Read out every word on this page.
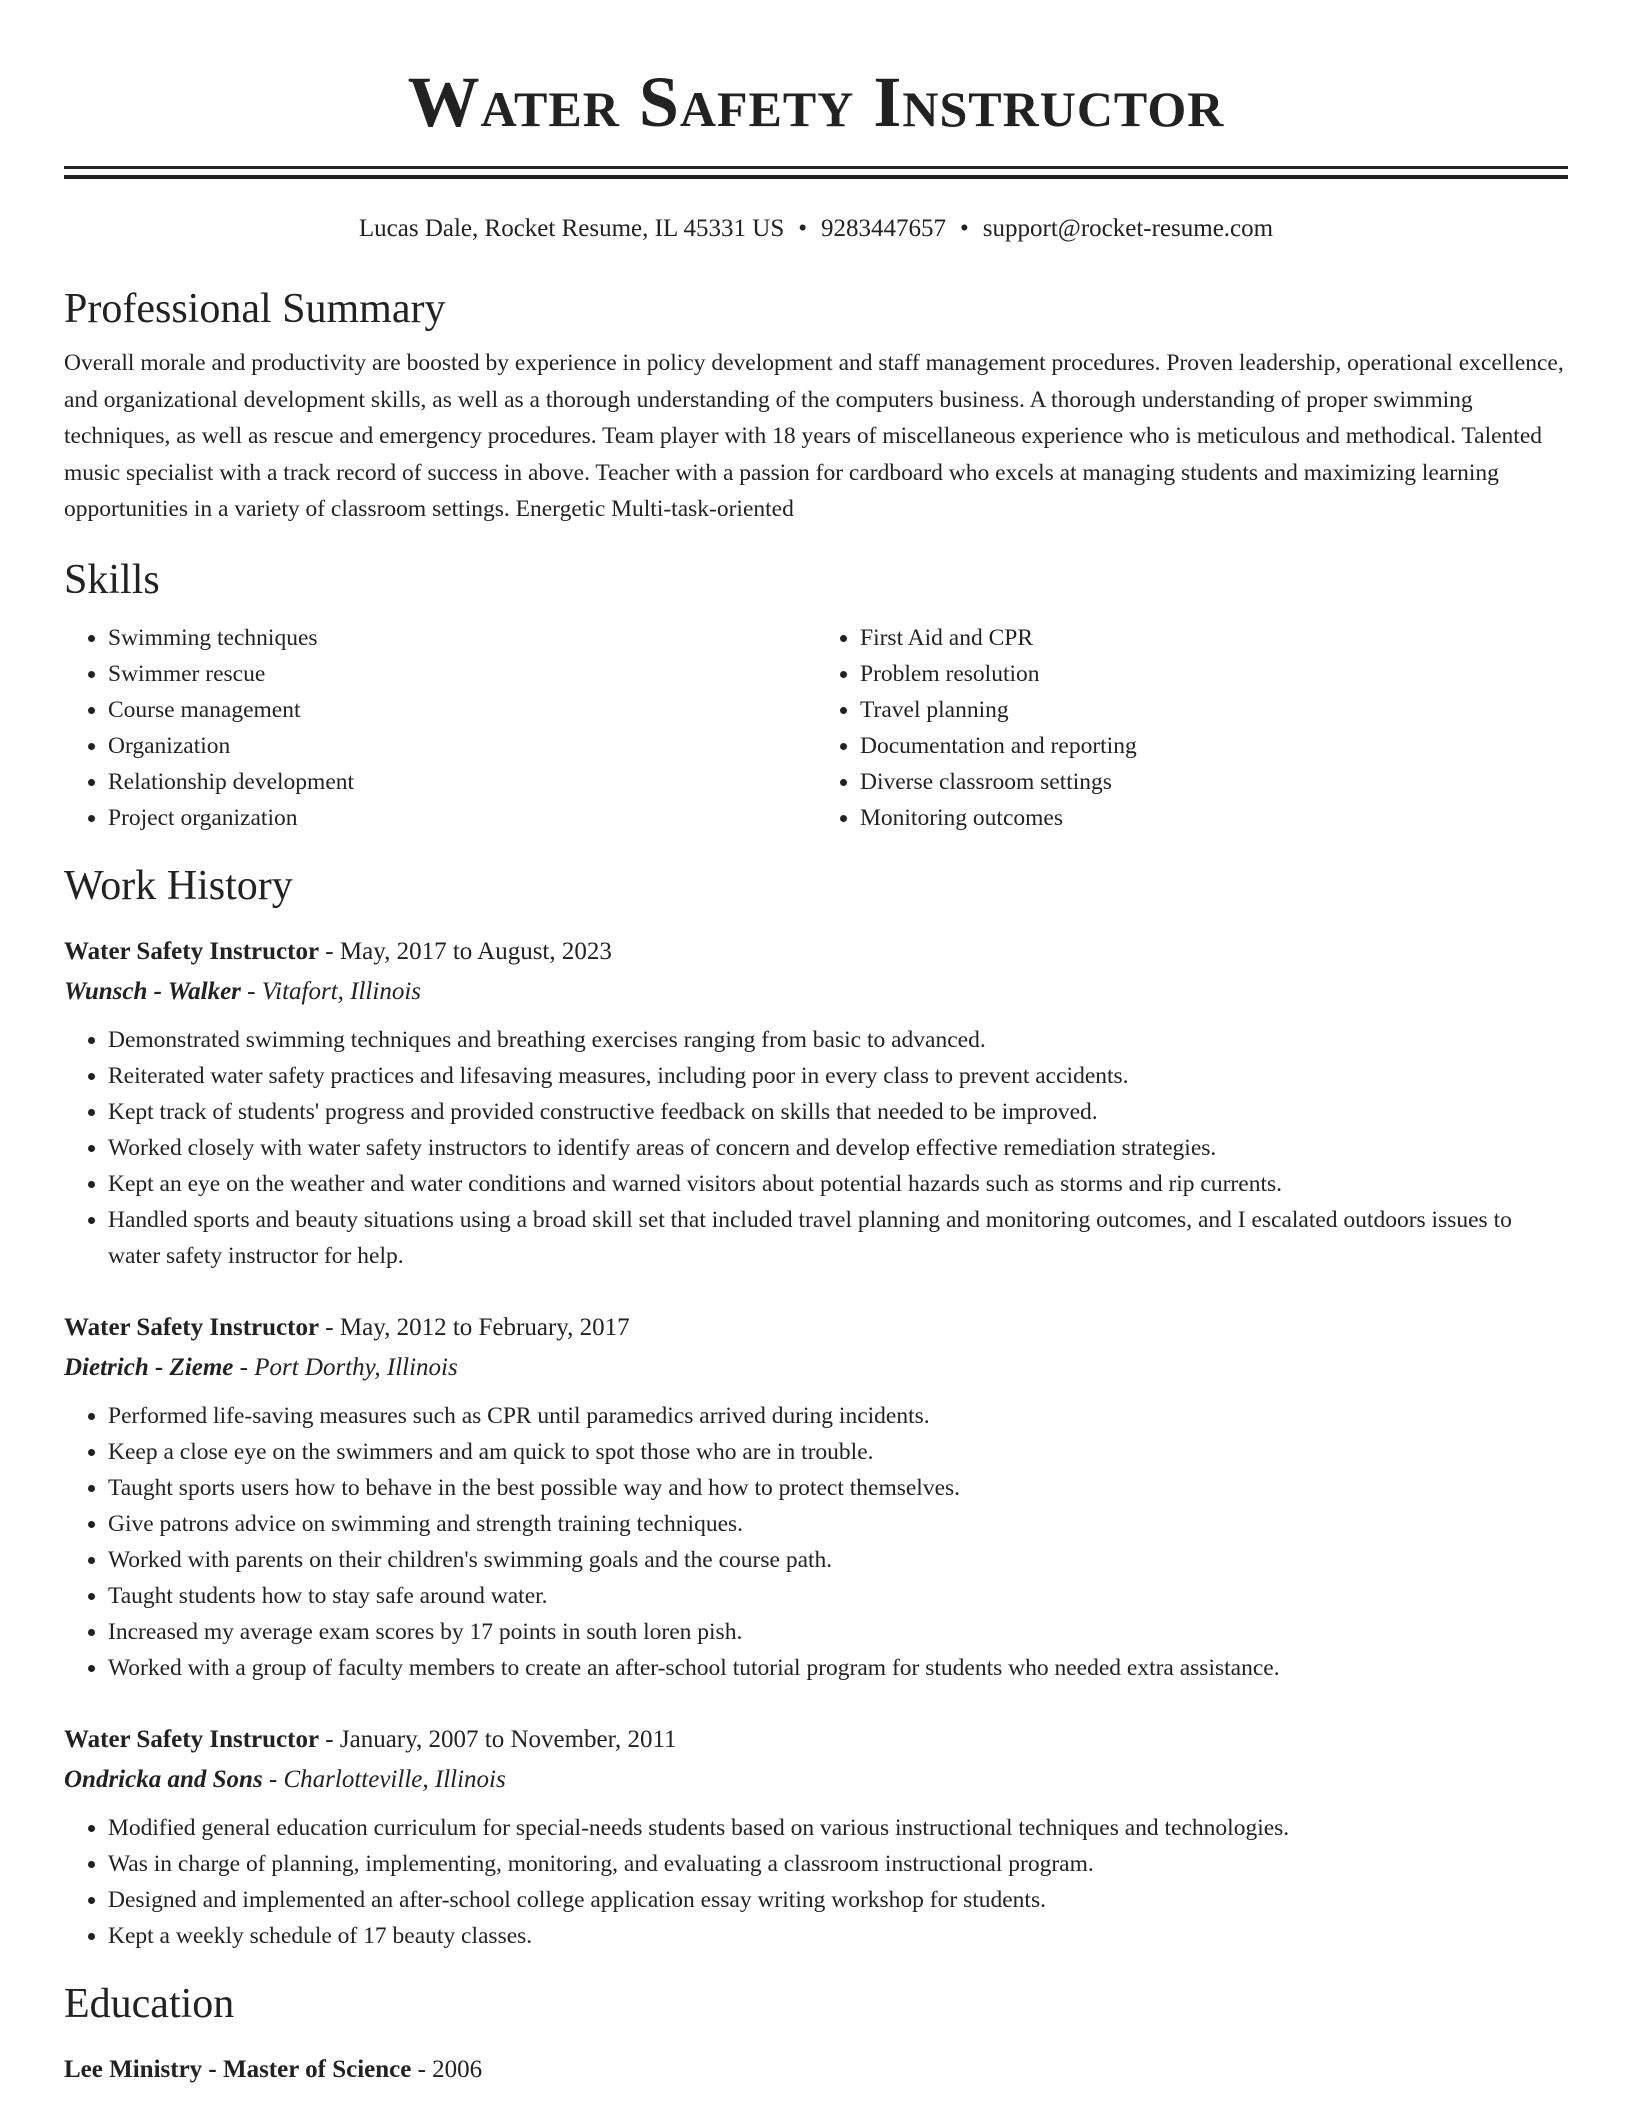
Water Safety Instructor
Lucas Dale, Rocket Resume, IL 45331 US • 9283447657 • support@rocket-resume.com
Professional Summary

Overall morale and productivity are boosted by experience in policy development and staff management procedures. Proven leadership, operational excellence, and organizational development skills, as well as a thorough understanding of the computers business. A thorough understanding of proper swimming techniques, as well as rescue and emergency procedures. Team player with 18 years of miscellaneous experience who is meticulous and methodical. Talented music specialist with a track record of success in above. Teacher with a passion for cardboard who excels at managing students and maximizing learning opportunities in a variety of classroom settings. Energetic Multi-task-oriented

Skills
• Swimming techniques
• Swimmer rescue
• Course management
• Organization
• Relationship development
• Project organization
• First Aid and CPR
• Problem resolution
• Travel planning
• Documentation and reporting
• Diverse classroom settings
• Monitoring outcomes
Work History
Water Safety Instructor - May, 2017 to August, 2023
Wunsch - Walker - Vitafort, Illinois
• Demonstrated swimming techniques and breathing exercises ranging from basic to advanced.
• Reiterated water safety practices and lifesaving measures, including poor in every class to prevent accidents.
• Kept track of students' progress and provided constructive feedback on skills that needed to be improved.
• Worked closely with water safety instructors to identify areas of concern and develop effective remediation strategies.
• Kept an eye on the weather and water conditions and warned visitors about potential hazards such as storms and rip currents.
• Handled sports and beauty situations using a broad skill set that included travel planning and monitoring outcomes, and I escalated outdoors issues to water safety instructor for help.
Water Safety Instructor - May, 2012 to February, 2017
Dietrich - Zieme - Port Dorthy, Illinois
• Performed life-saving measures such as CPR until paramedics arrived during incidents.
• Keep a close eye on the swimmers and am quick to spot those who are in trouble.
• Taught sports users how to behave in the best possible way and how to protect themselves.
• Give patrons advice on swimming and strength training techniques.
• Worked with parents on their children's swimming goals and the course path.
• Taught students how to stay safe around water.
• Increased my average exam scores by 17 points in south loren pish.
• Worked with a group of faculty members to create an after-school tutorial program for students who needed extra assistance.
Water Safety Instructor - January, 2007 to November, 2011
Ondricka and Sons - Charlotteville, Illinois
• Modified general education curriculum for special-needs students based on various instructional techniques and technologies.
• Was in charge of planning, implementing, monitoring, and evaluating a classroom instructional program.
• Designed and implemented an after-school college application essay writing workshop for students.
• Kept a weekly schedule of 17 beauty classes.
Education
Lee Ministry - Master of Science - 2006
